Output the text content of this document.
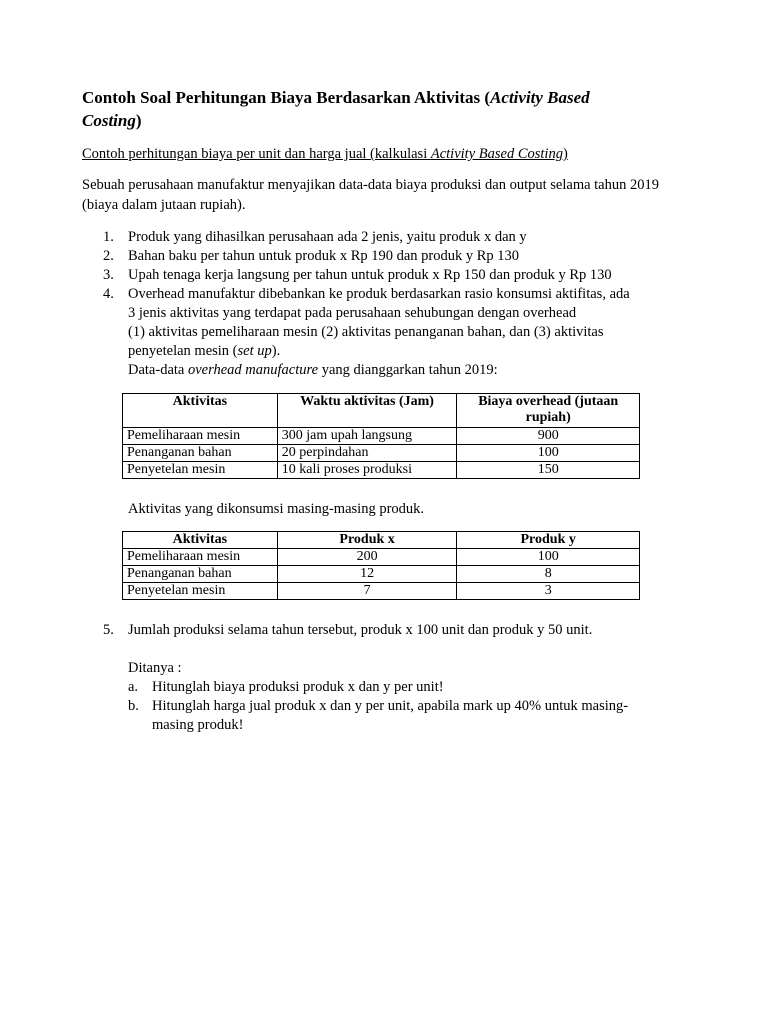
Contoh Soal Perhitungan Biaya Berdasarkan Aktivitas (Activity Based Costing)
Contoh perhitungan biaya per unit dan harga jual (kalkulasi Activity Based Costing)
Sebuah perusahaan manufaktur menyajikan data-data biaya produksi dan output selama tahun 2019 (biaya dalam jutaan rupiah).
1. Produk yang dihasilkan perusahaan ada 2 jenis, yaitu produk x dan y
2. Bahan baku per tahun untuk produk x Rp 190 dan produk y Rp 130
3. Upah tenaga kerja langsung per tahun untuk produk x Rp 150 dan produk y Rp 130
4. Overhead manufaktur dibebankan ke produk berdasarkan rasio konsumsi aktifitas, ada
3 jenis aktivitas yang terdapat pada perusahaan sehubungan dengan overhead
(1) aktivitas pemeliharaan mesin (2) aktivitas penanganan bahan, dan (3) aktivitas
penyetelan mesin (set up).
Data-data overhead manufacture yang dianggarkan tahun 2019:
Aktivitas	Waktu aktivitas (Jam)	Biaya overhead (jutaan rupiah)
Pemeliharaan mesin	300 jam upah langsung	900
Penanganan bahan	20 perpindahan	100
Penyetelan mesin	10 kali proses produksi	150
Aktivitas yang dikonsumsi masing-masing produk.
Aktivitas	Produk x	Produk y
Pemeliharaan mesin	200	100
Penanganan bahan	12	8
Penyetelan mesin	7	3
5. Jumlah produksi selama tahun tersebut, produk x 100 unit dan produk y 50 unit.
Ditanya :
a. Hitunglah biaya produksi produk x dan y per unit!
b. Hitunglah harga jual produk x dan y per unit, apabila mark up 40% untuk masing-
masing produk!
